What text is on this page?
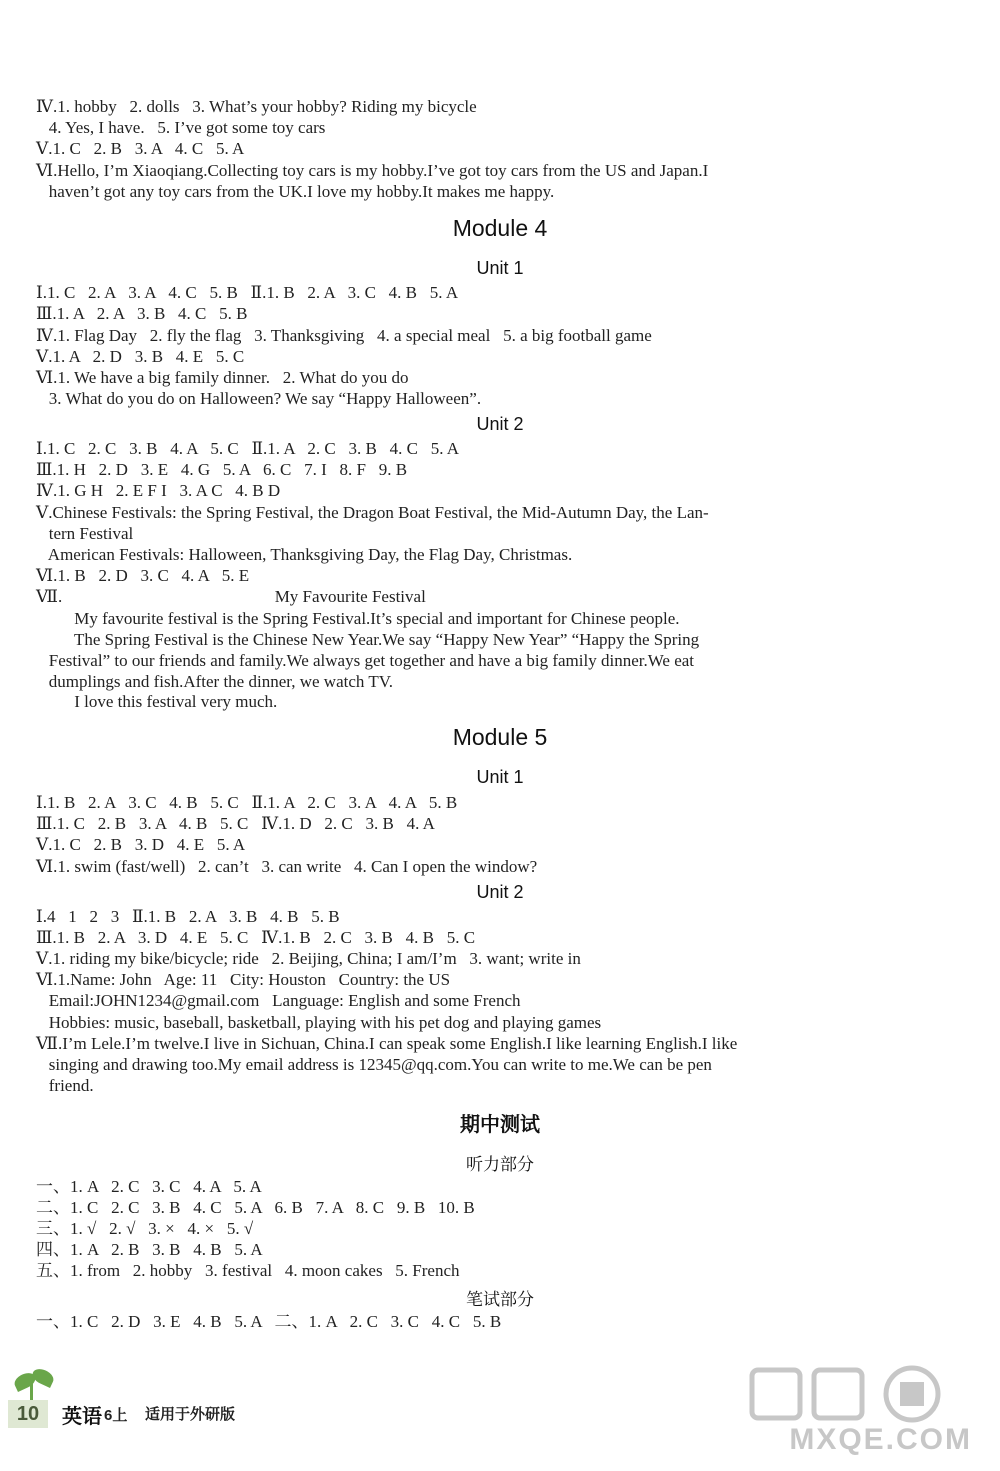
Ⅳ.1. hobby   2. dolls   3. What’s your hobby? Riding my bicycle
4. Yes, I have.   5. I’ve got some toy cars
Ⅴ.1. C   2. B   3. A   4. C   5. A
Ⅵ.Hello, I’m Xiaoqiang.Collecting toy cars is my hobby.I’ve got toy cars from the US and Japan.I
haven’t got any toy cars from the UK.I love my hobby.It makes me happy.
Module 4
Unit 1
Ⅰ.1. C   2. A   3. A   4. C   5. B   Ⅱ.1. B   2. A   3. C   4. B   5. A
Ⅲ.1. A   2. A   3. B   4. C   5. B
Ⅳ.1. Flag Day   2. fly the flag   3. Thanksgiving   4. a special meal   5. a big football game
Ⅴ.1. A   2. D   3. B   4. E   5. C
Ⅵ.1. We have a big family dinner.   2. What do you do
3. What do you do on Halloween? We say “Happy Halloween”.
Unit 2
Ⅰ.1. C   2. C   3. B   4. A   5. C   Ⅱ.1. A   2. C   3. B   4. C   5. A
Ⅲ.1. H   2. D   3. E   4. G   5. A   6. C   7. I   8. F   9. B
Ⅳ.1. G H   2. E F I   3. A C   4. B D
Ⅴ.Chinese Festivals: the Spring Festival, the Dragon Boat Festival, the Mid-Autumn Day, the Lan-
tern Festival
American Festivals: Halloween, Thanksgiving Day, the Flag Day, Christmas.
Ⅵ.1. B   2. D   3. C   4. A   5. E
Ⅶ.                                                  My Favourite Festival
My favourite festival is the Spring Festival.It’s special and important for Chinese people.
The Spring Festival is the Chinese New Year.We say “Happy New Year” “Happy the Spring
Festival” to our friends and family.We always get together and have a big family dinner.We eat
dumplings and fish.After the dinner, we watch TV.
I love this festival very much.
Module 5
Unit 1
Ⅰ.1. B   2. A   3. C   4. B   5. C   Ⅱ.1. A   2. C   3. A   4. A   5. B
Ⅲ.1. C   2. B   3. A   4. B   5. C   Ⅳ.1. D   2. C   3. B   4. A
Ⅴ.1. C   2. B   3. D   4. E   5. A
Ⅵ.1. swim (fast/well)   2. can’t   3. can write   4. Can I open the window?
Unit 2
Ⅰ.4   1   2   3   Ⅱ.1. B   2. A   3. B   4. B   5. B
Ⅲ.1. B   2. A   3. D   4. E   5. C   Ⅳ.1. B   2. C   3. B   4. B   5. C
Ⅴ.1. riding my bike/bicycle; ride   2. Beijing, China; I am/I’m   3. want; write in
Ⅵ.1.Name: John   Age: 11   City: Houston   Country: the US
Email:JOHN1234@gmail.com   Language: English and some French
Hobbies: music, baseball, basketball, playing with his pet dog and playing games
Ⅶ.I’m Lele.I’m twelve.I live in Sichuan, China.I can speak some English.I like learning English.I like
singing and drawing too.My email address is 12345@qq.com.You can write to me.We can be pen
friend.
期中测试
听力部分
一、1. A   2. C   3. C   4. A   5. A
二、1. C   2. C   3. B   4. C   5. A   6. B   7. A   8. C   9. B   10. B
三、1. √   2. √   3. ×   4. ×   5. √
四、1. A   2. B   3. B   4. B   5. A
五、1. from   2. hobby   3. festival   4. moon cakes   5. French
笔试部分
一、1. C   2. D   3. E   4. B   5. A   二、1. A   2. C   3. C   4. C   5. B
10	英语 6上 适用于外研版
MXQE.COM
